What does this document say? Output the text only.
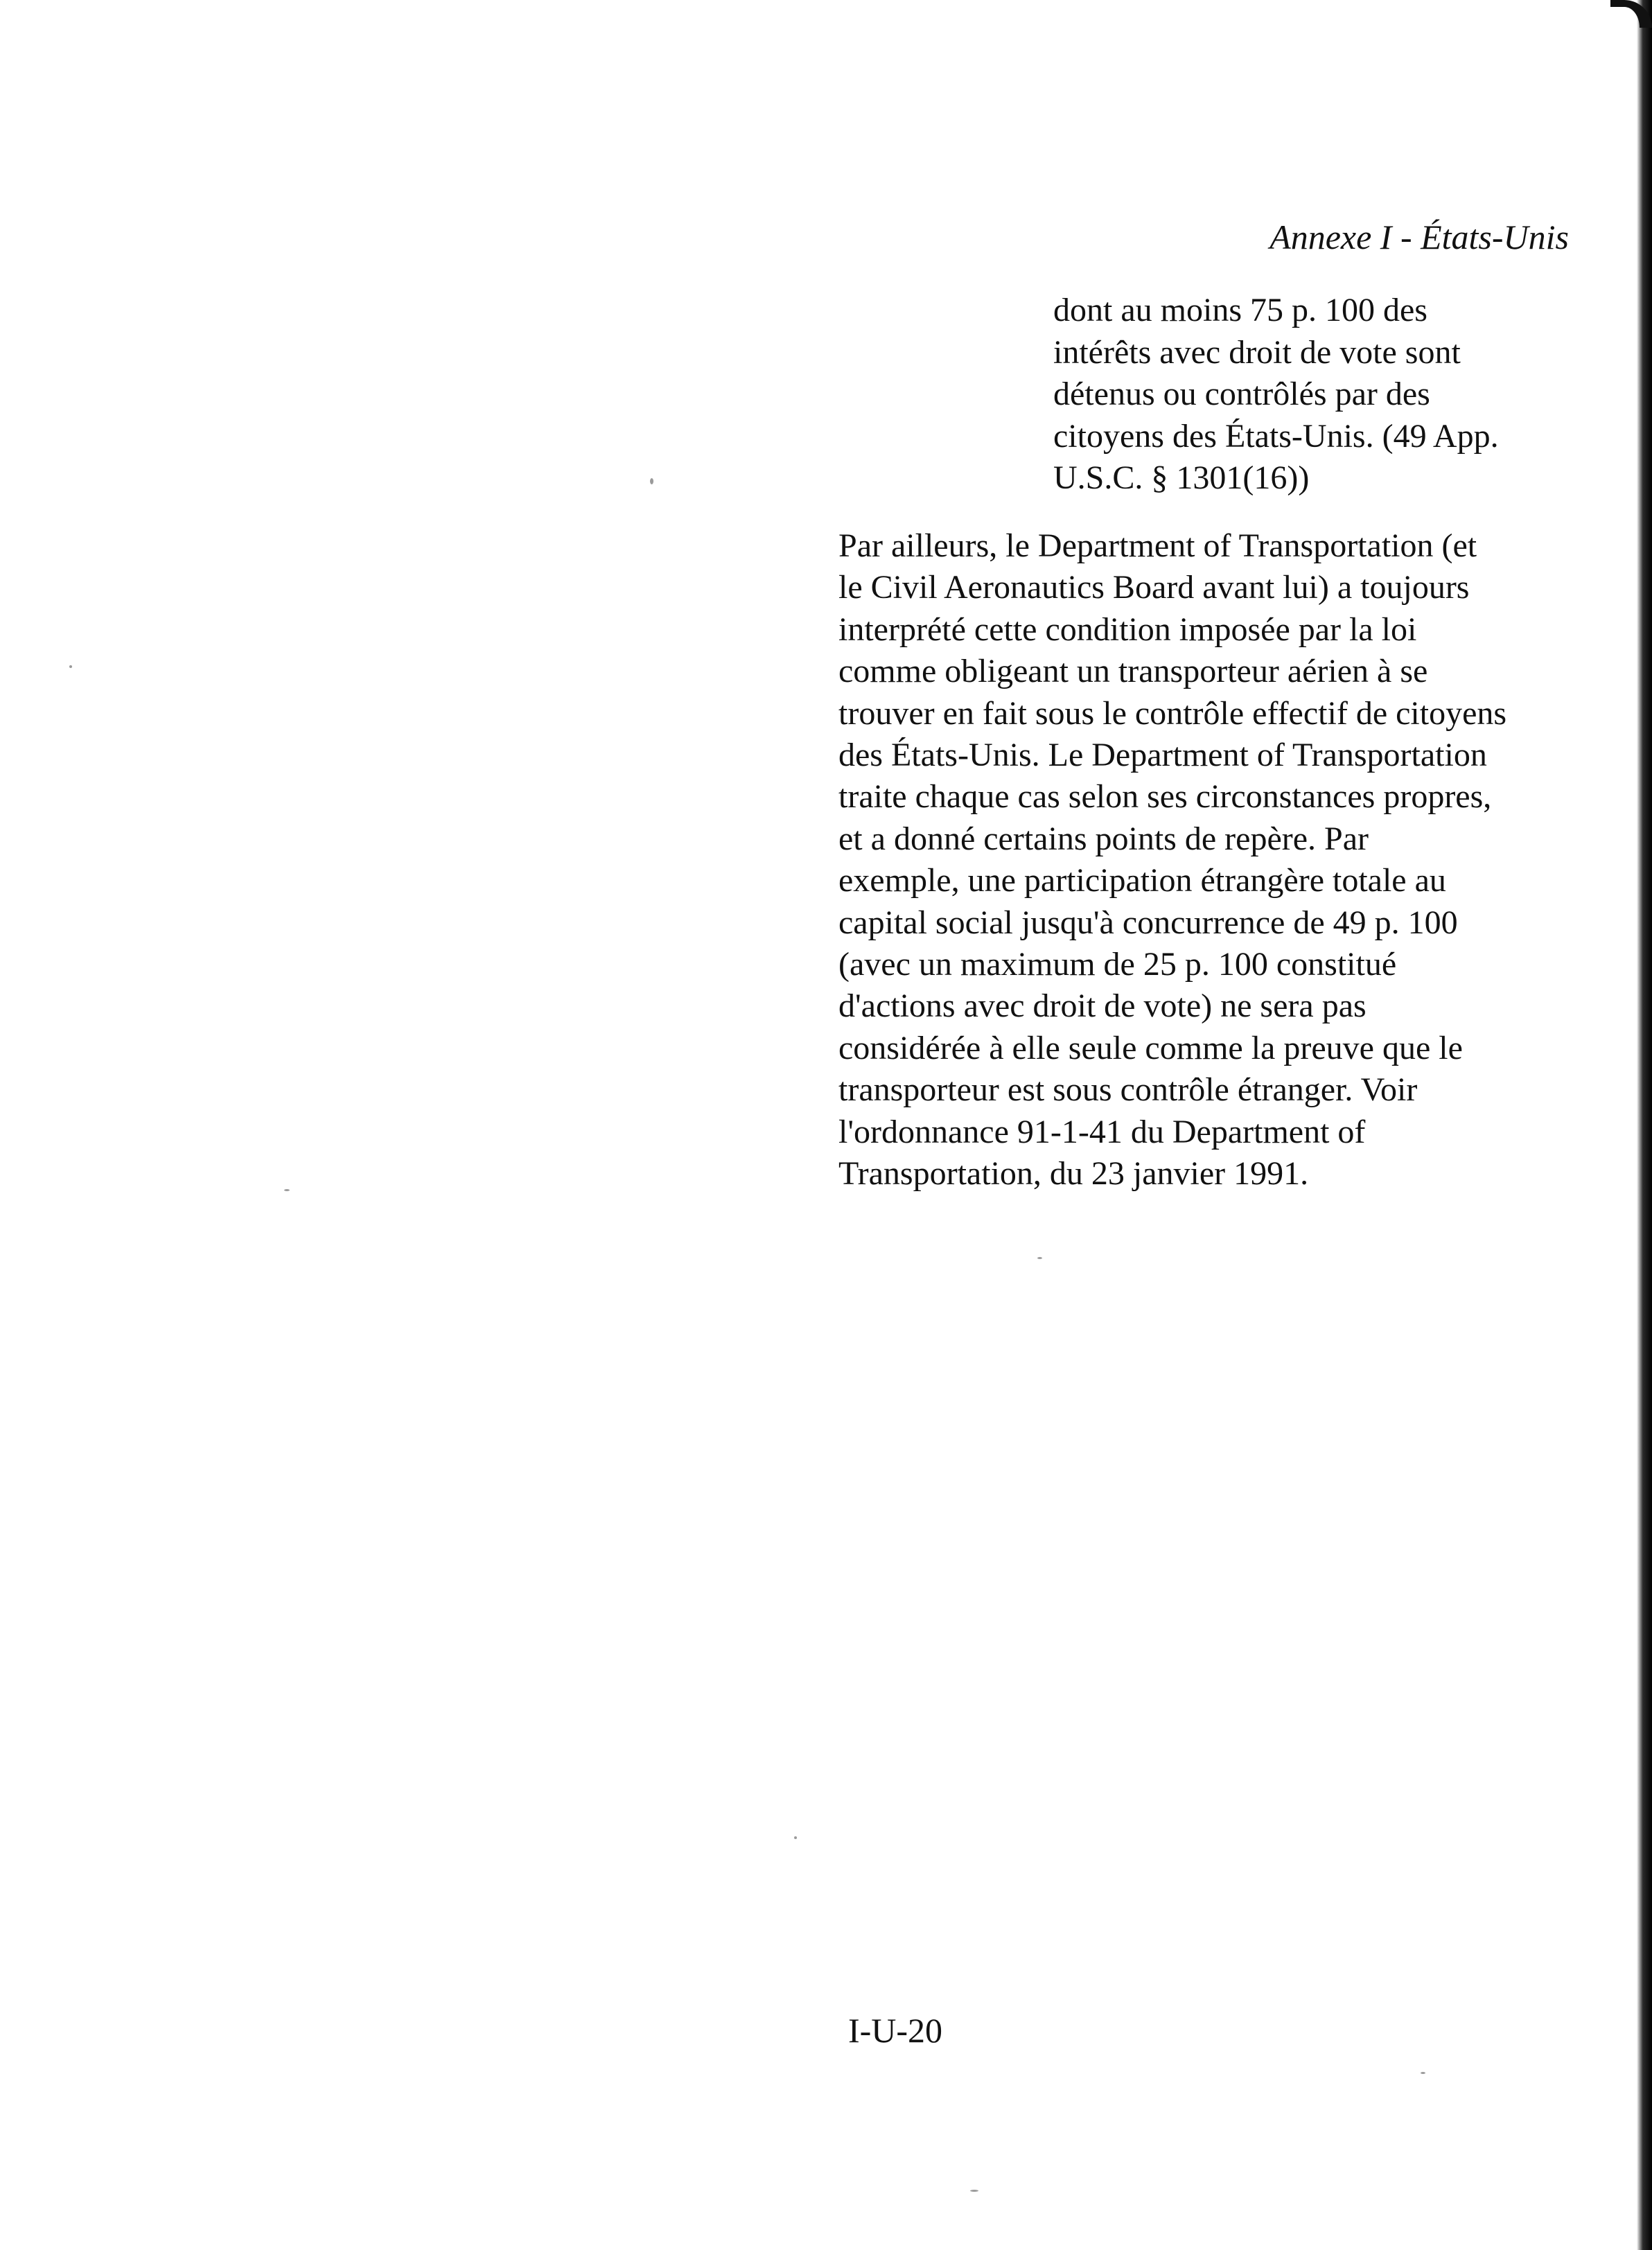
Annexe I - États-Unis
dont au moins 75 p. 100 des
intérêts avec droit de vote sont
détenus ou contrôlés par des
citoyens des États-Unis. (49 App.
U.S.C. § 1301(16))
Par ailleurs, le Department of Transportation (et
le Civil Aeronautics Board avant lui) a toujours
interprété cette condition imposée par la loi
comme obligeant un transporteur aérien à se
trouver en fait sous le contrôle effectif de citoyens
des États-Unis. Le Department of Transportation
traite chaque cas selon ses circonstances propres,
et a donné certains points de repère. Par
exemple, une participation étrangère totale au
capital social jusqu'à concurrence de 49 p. 100
(avec un maximum de 25 p. 100 constitué
d'actions avec droit de vote) ne sera pas
considérée à elle seule comme la preuve que le
transporteur est sous contrôle étranger. Voir
l'ordonnance 91-1-41 du Department of
Transportation, du 23 janvier 1991.
I-U-20
